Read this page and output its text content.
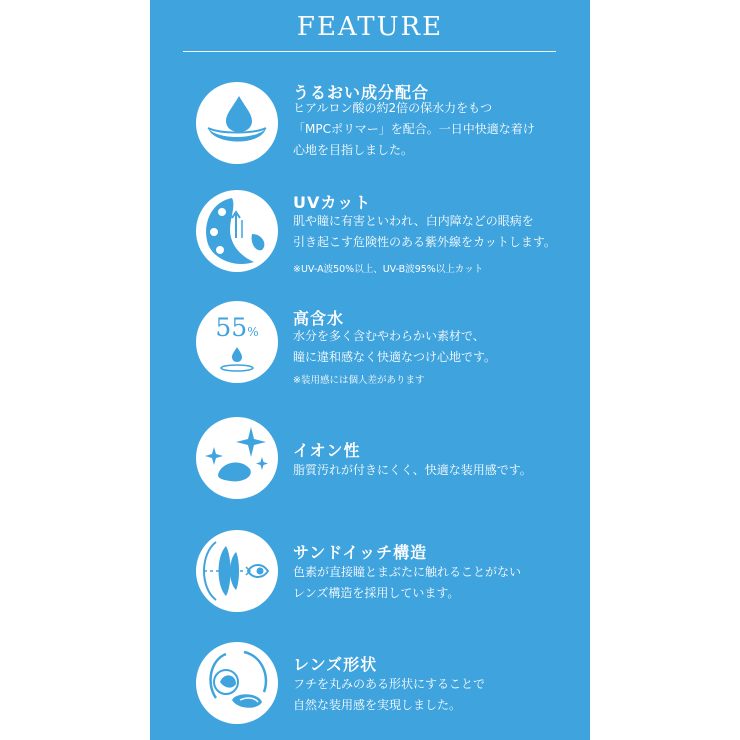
FEATURE
うるおい成分配合
ヒアルロン酸の約2倍の保水力をもつ
「MPCポリマー」を配合。一日中快適な着け
心地を目指しました。
UVカット
肌や瞳に有害といわれ、白内障などの眼病を
引き起こす危険性のある紫外線をカットします。
※UV-A波50%以上、UV-B波95%以上カット
55%
高含水
水分を多く含むやわらかい素材で、
瞳に違和感なく快適なつけ心地です。
※装用感には個人差があります
イオン性
脂質汚れが付きにくく、快適な装用感です。
サンドイッチ構造
色素が直接瞳とまぶたに触れることがない
レンズ構造を採用しています。
レンズ形状
フチを丸みのある形状にすることで
自然な装用感を実現しました。
